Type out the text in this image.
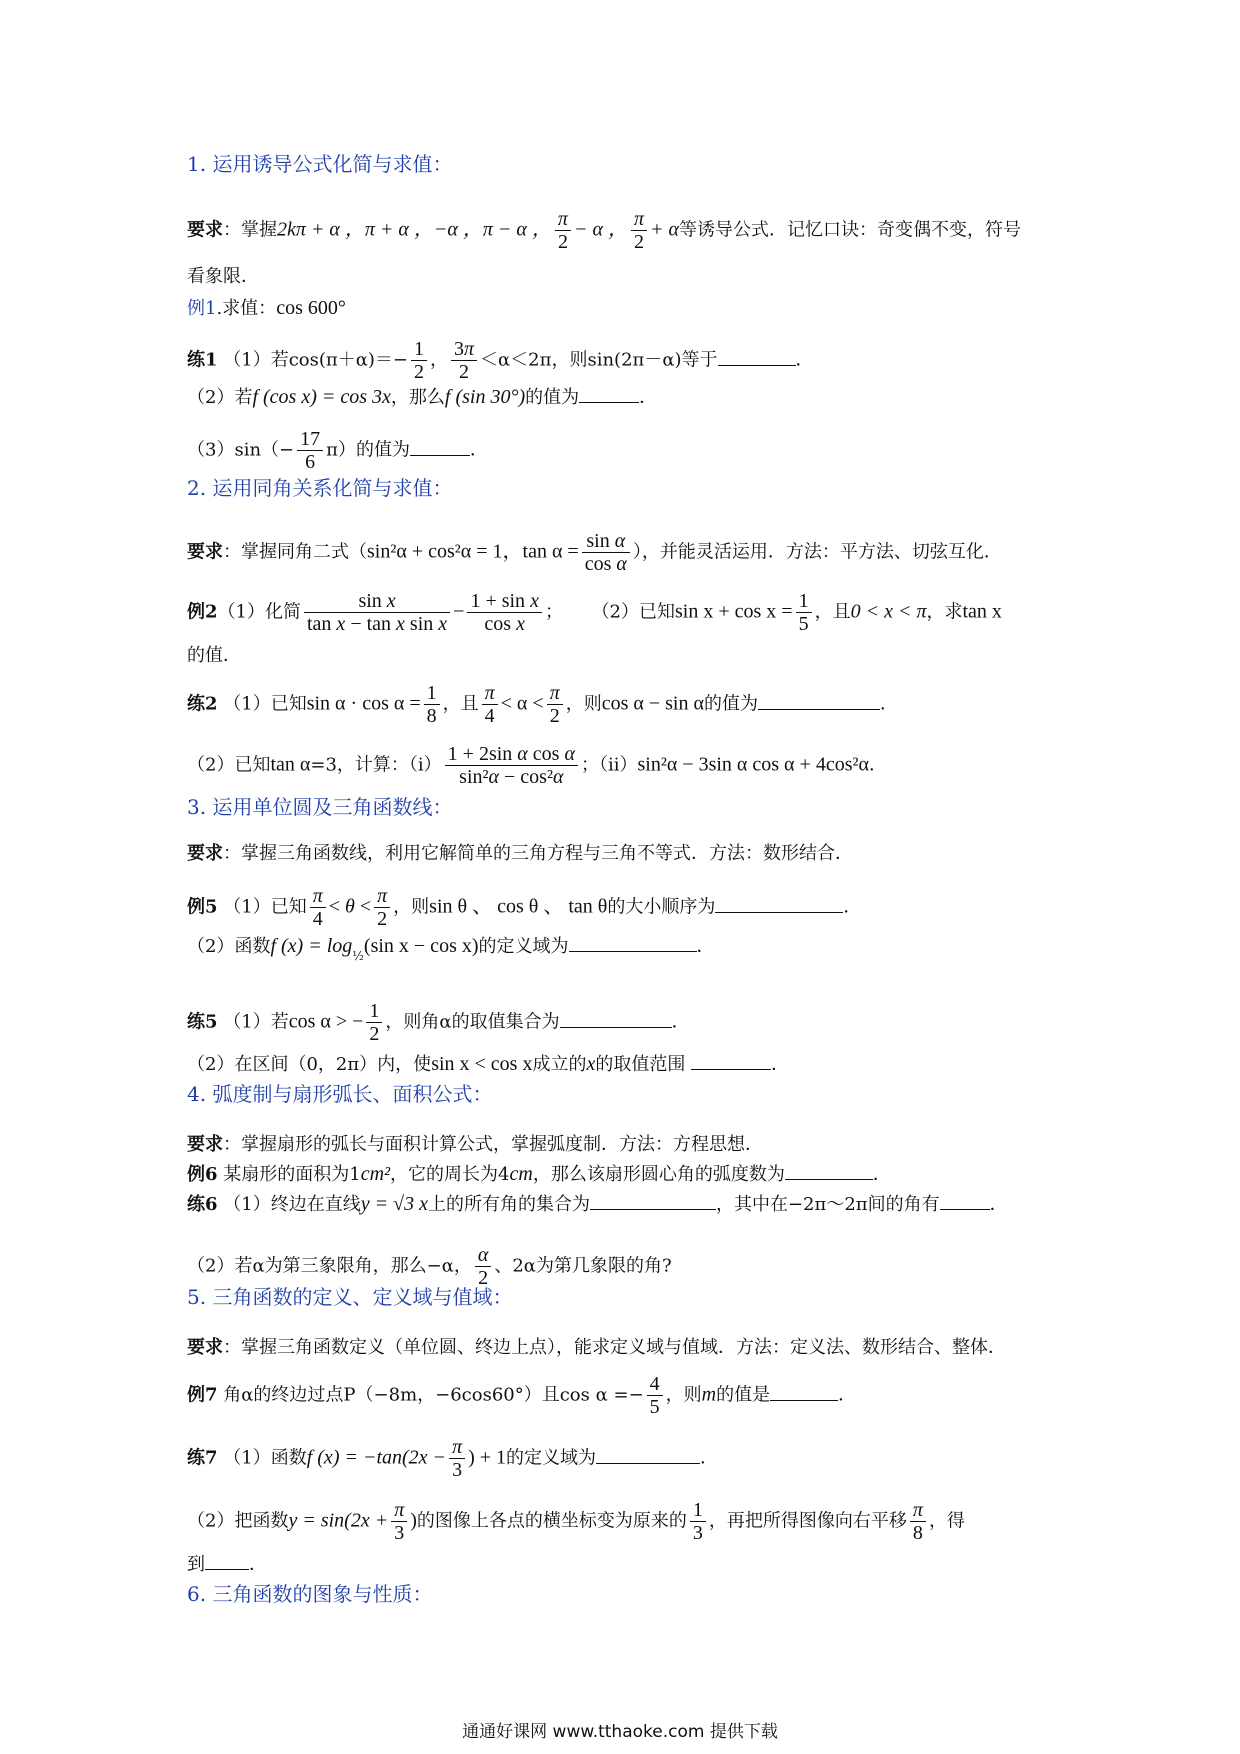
1. 运用诱导公式化简与求值：
要求：掌握2kπ + α ，π + α ，−α ，π − α ， $\frac{\pi}{2} - \alpha$ ， $\frac{\pi}{2} + \alpha$等诱导公式．记忆口诀：奇变偶不变，符号
看象限．
例1.求值：cos 600°
练1 （1）若$\cos(\pi+\alpha)=- \frac{1}{2}$ ， $\frac{3\pi}{2} <\alpha<2\pi$，则sin(2π－α)等于	．
（2）若f (cos x) = cos 3x，那么f (sin 30°)的值为	．
$(3)\sin(- \frac{17}{6} \pi)$的值为	．
2. 运用同角关系化简与求值：
要求：掌握同角二式（sin²α + cos²α = 1，$\tan \alpha = \frac{\text{sin α}}{\text{cos α}}$ ），并能灵活运用．方法：平方法、切弦互化．
例2（1）化简 $\frac{\text{sin x}}{\text{tan x − tan x sin x}} - \frac{\text{1 + sin x}}{\text{cos x}}$ ； （2）已知$\sin x + \cos x = \frac{1}{5}$ ，且0 < x < π，求tan x
的值．
练2 （1）已知$\sin \alpha \cdot \cos \alpha = \frac{1}{8}$ ，且 $\frac{\pi}{4} < \alpha < \frac{\pi}{2}$ ，则cos α − sin α的值为	．
（2）已知tan α=3，计算：$(i) \frac{\text{1 + 2sin α cos α}}{\text{sin²α − cos²α}}$ ；（ii）sin²α − 3sin α cos α + 4cos²α．
3. 运用单位圆及三角函数线：
要求：掌握三角函数线，利用它解简单的三角方程与三角不等式．方法：数形结合．
例5 （1）已知 $\frac{\pi}{4} < \theta < \frac{\pi}{2}$ ，则sin θ 、 cos θ 、 tan θ的大小顺序为	．
（2）函数f $(x) = \log_{\frac{1}{2}}(\sin$ x − cos x)的定义域为	．
练5 （1）若cos α > − $\frac{1}{2}$ ，则角α的取值集合为	．
（2）在区间（0，2π）内，使sin x < cos x成立的x的取值范围	．
4. 弧度制与扇形弧长、面积公式：
要求：掌握扇形的弧长与面积计算公式，掌握弧度制．方法：方程思想．
例6 某扇形的面积为1cm²，它的周长为4cm，那么该扇形圆心角的弧度数为	．
练6 （1）终边在直线y = √3 x上的所有角的集合为	，其中在−2π～2π间的角有	．
（2）若α为第三象限角，那么−α， $\frac{\alpha}{2}$ 、2α为第几象限的角?
5. 三角函数的定义、定义域与值域：
要求：掌握三角函数定义（单位圆、终边上点），能求定义域与值域．方法：定义法、数形结合、整体．
例7 角α的终边过点P（−8m，−6cos60°）且$\cos \alpha =- \frac{4}{5}$ ，则m的值是	．
练7 （1）函数f $(x) = -\tan(2x - \frac{\pi}{3}$ ) + 1的定义域为	．
（2）把函数$y = \sin(2x + \frac{\pi}{3}$ )的图像上各点的横坐标变为原来的 $\frac{1}{3}$ ，再把所得图像向右平移 $\frac{\pi}{8}$ ，得
到 ．
6. 三角函数的图象与性质：
通通好课网 www.tthaoke.com 提供下载
